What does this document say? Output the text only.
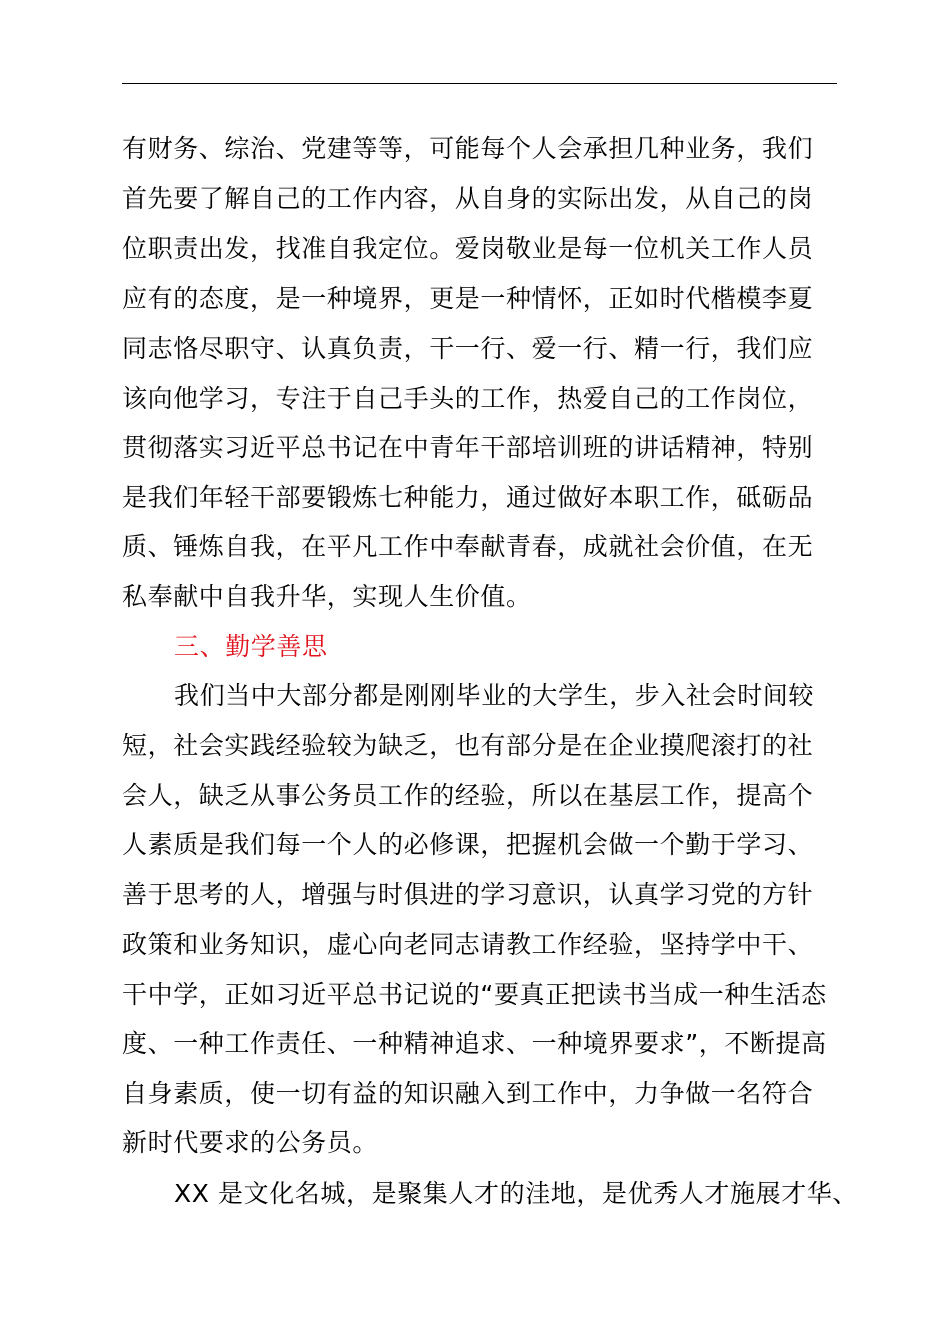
有财务、综治、党建等等，可能每个人会承担几种业务，我们
首先要了解自己的工作内容，从自身的实际出发，从自己的岗
位职责出发，找准自我定位。爱岗敬业是每一位机关工作人员
应有的态度，是一种境界，更是一种情怀，正如时代楷模李夏
同志恪尽职守、认真负责，干一行、爱一行、精一行，我们应
该向他学习，专注于自己手头的工作，热爱自己的工作岗位，
贯彻落实习近平总书记在中青年干部培训班的讲话精神，特别
是我们年轻干部要锻炼七种能力，通过做好本职工作，砥砺品
质、锤炼自我，在平凡工作中奉献青春，成就社会价值，在无
私奉献中自我升华，实现人生价值。
三、勤学善思
我们当中大部分都是刚刚毕业的大学生，步入社会时间较
短，社会实践经验较为缺乏，也有部分是在企业摸爬滚打的社
会人，缺乏从事公务员工作的经验，所以在基层工作，提高个
人素质是我们每一个人的必修课，把握机会做一个勤于学习、
善于思考的人，增强与时俱进的学习意识，认真学习党的方针
政策和业务知识，虚心向老同志请教工作经验，坚持学中干、
干中学，正如习近平总书记说的“要真正把读书当成一种生活态
度、一种工作责任、一种精神追求、一种境界要求”，不断提高
自身素质，使一切有益的知识融入到工作中，力争做一名符合
新时代要求的公务员。
XX 是文化名城，是聚集人才的洼地，是优秀人才施展才华、
